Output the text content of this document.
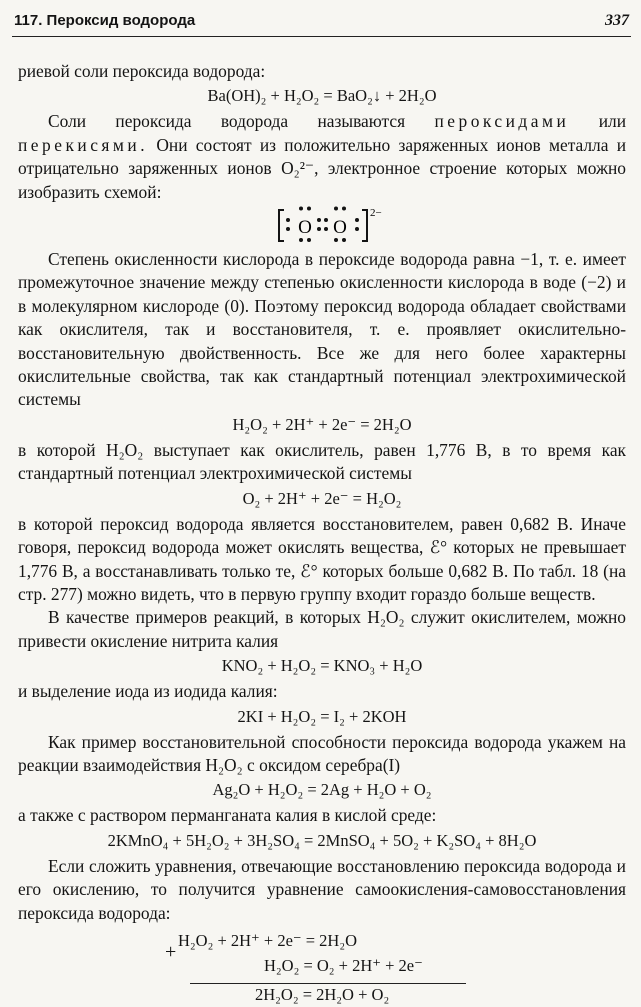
117. Пероксид водорода	337

риевой соли пероксида водорода:

Ba(OH)₂ + H₂O₂ = BaO₂↓ + 2H₂O

Соли пероксида водорода называются пероксидами или перекисями. Они состоят из положительно заряженных ионов металла и отрицательно заряженных ионов O₂²⁻, электронное строение которых можно изобразить схемой:

O O
2−

Степень окисленности кислорода в пероксиде водорода равна −1, т. е. имеет промежуточное значение между степенью окисленности кислорода в воде (−2) и в молекулярном кислороде (0). Поэтому пероксид водорода обладает свойствами как окислителя, так и восстановителя, т. е. проявляет окислительно-восстановительную двойственность. Все же для него более характерны окислительные свойства, так как стандартный потенциал электрохимической системы

H₂O₂ + 2H⁺ + 2e⁻ = 2H₂O

в которой H₂O₂ выступает как окислитель, равен 1,776 В, в то время как стандартный потенциал электрохимической системы

O₂ + 2H⁺ + 2e⁻ = H₂O₂

в которой пероксид водорода является восстановителем, равен 0,682 В. Иначе говоря, пероксид водорода может окислять вещества, ℰ° которых не превышает 1,776 В, а восстанавливать только те, ℰ° которых больше 0,682 В. По табл. 18 (на стр. 277) можно видеть, что в первую группу входит гораздо больше веществ.

В качестве примеров реакций, в которых H₂O₂ служит окислителем, можно привести окисление нитрита калия

KNO₂ + H₂O₂ = KNO₃ + H₂O

и выделение иода из иодида калия:

2KI + H₂O₂ = I₂ + 2KOH

Как пример восстановительной способности пероксида водорода укажем на реакции взаимодействия H₂O₂ с оксидом серебра(I)

Ag₂O + H₂O₂ = 2Ag + H₂O + O₂

а также с раствором перманганата калия в кислой среде:

2KMnO₄ + 5H₂O₂ + 3H₂SO₄ = 2MnSO₄ + 5O₂ + K₂SO₄ + 8H₂O

Если сложить уравнения, отвечающие восстановлению пероксида водорода и его окислению, то получится уравнение самоокисления-самовосстановления пероксида водорода:

+
H₂O₂ + 2H⁺ + 2e⁻ = 2H₂O
H₂O₂ = O₂ + 2H⁺ + 2e⁻
2H₂O₂ = 2H₂O + O₂
